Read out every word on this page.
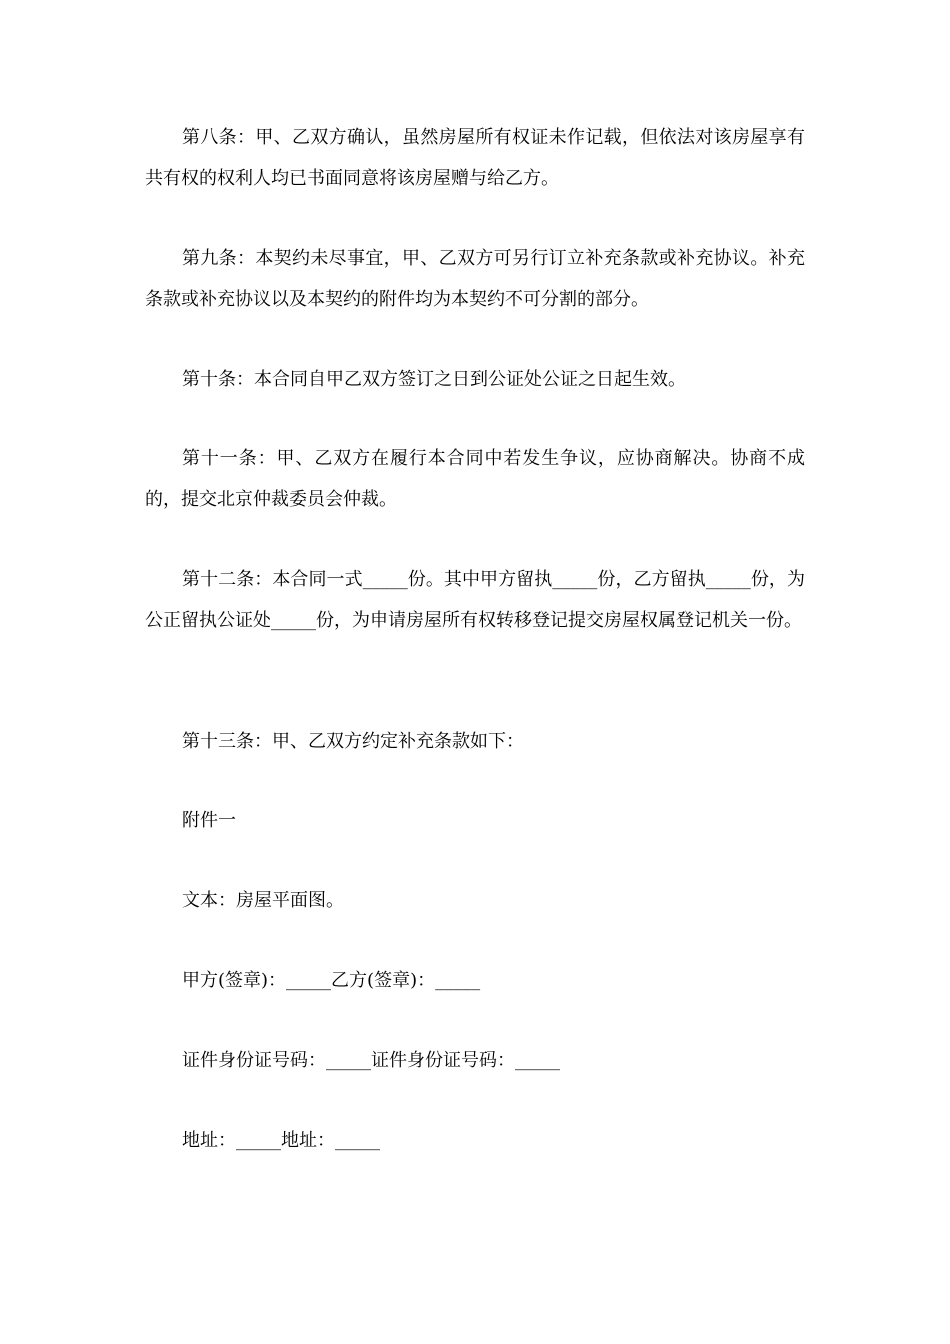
第八条：甲、乙双方确认，虽然房屋所有权证未作记载，但依法对该房屋享有共有权的权利人均已书面同意将该房屋赠与给乙方。

第九条：本契约未尽事宜，甲、乙双方可另行订立补充条款或补充协议。补充条款或补充协议以及本契约的附件均为本契约不可分割的部分。

第十条：本合同自甲乙双方签订之日到公证处公证之日起生效。

第十一条：甲、乙双方在履行本合同中若发生争议，应协商解决。协商不成的，提交北京仲裁委员会仲裁。

第十二条：本合同一式_____份。其中甲方留执_____份，乙方留执_____份，为公正留执公证处_____份，为申请房屋所有权转移登记提交房屋权属登记机关一份。

第十三条：甲、乙双方约定补充条款如下：

附件一

文本：房屋平面图。

甲方(签章)：_____乙方(签章)：_____

证件身份证号码：_____证件身份证号码：_____

地址：_____地址：_____
